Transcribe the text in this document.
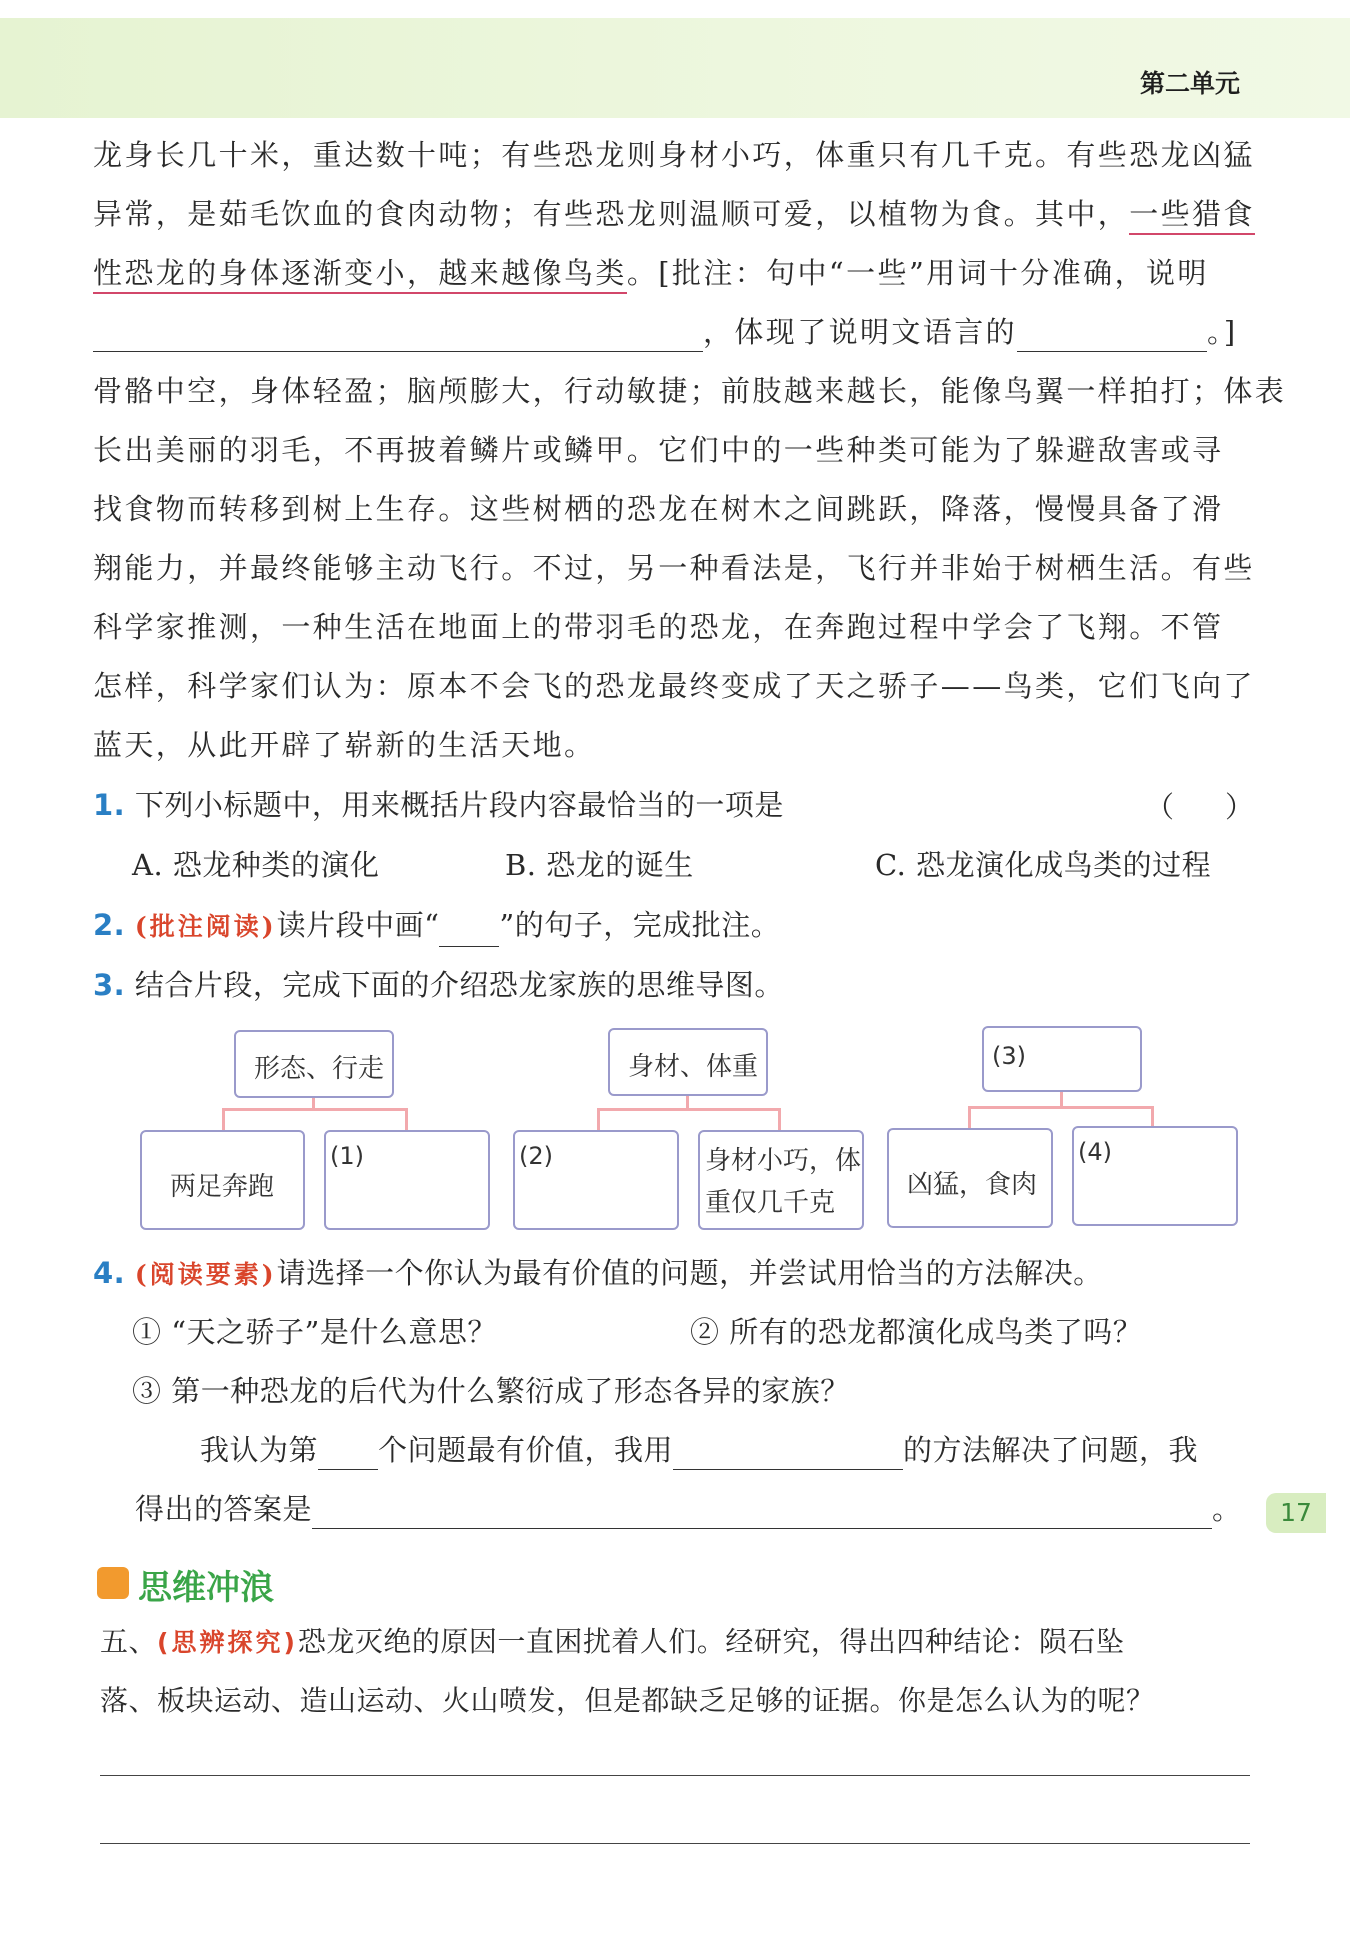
第二单元
龙身长几十米，重达数十吨；有些恐龙则身材小巧，体重只有几千克。有些恐龙凶猛
异常，是茹毛饮血的食肉动物；有些恐龙则温顺可爱，以植物为食。其中，一些猎食
性恐龙的身体逐渐变小，越来越像鸟类。[批注：句中“一些”用词十分准确，说明
，体现了说明文语言的	。]
骨骼中空，身体轻盈；脑颅膨大，行动敏捷；前肢越来越长，能像鸟翼一样拍打；体表
长出美丽的羽毛，不再披着鳞片或鳞甲。它们中的一些种类可能为了躲避敌害或寻
找食物而转移到树上生存。这些树栖的恐龙在树木之间跳跃，降落，慢慢具备了滑
翔能力，并最终能够主动飞行。不过，另一种看法是，飞行并非始于树栖生活。有些
科学家推测，一种生活在地面上的带羽毛的恐龙，在奔跑过程中学会了飞翔。不管
怎样，科学家们认为：原本不会飞的恐龙最终变成了天之骄子——鸟类，它们飞向了
蓝天，从此开辟了崭新的生活天地。
1. 下列小标题中，用来概括片段内容最恰当的一项是	（ ）
A. 恐龙种类的演化	B. 恐龙的诞生	C. 恐龙演化成鸟类的过程
2. (批注阅读)读片段中画“ ”的句子，完成批注。
3. 结合片段，完成下面的介绍恐龙家族的思维导图。
形态、行走	身材、体重	(3)
两足奔跑
(1)	(2)	身材小巧，体
重仅几千克
凶猛，食肉
(4)
4. (阅读要素)请选择一个你认为最有价值的问题，并尝试用恰当的方法解决。
① “天之骄子”是什么意思？	② 所有的恐龙都演化成鸟类了吗？
③ 第一种恐龙的后代为什么繁衍成了形态各异的家族？
我认为第 个问题最有价值，我用	的方法解决了问题，我
得出的答案是	。
思维冲浪
五、(思辨探究)恐龙灭绝的原因一直困扰着人们。经研究，得出四种结论：陨石坠
落、板块运动、造山运动、火山喷发，但是都缺乏足够的证据。你是怎么认为的呢？
17
